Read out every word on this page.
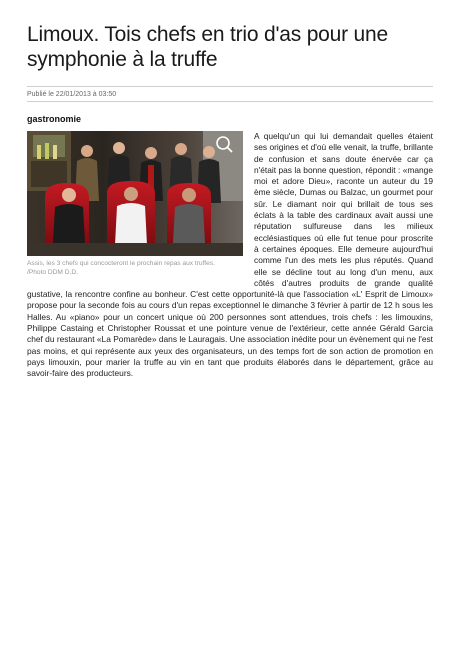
Limoux. Tois chefs en trio d'as pour une symphonie à la truffe
Publié le 22/01/2013 à 03:50
gastronomie
Assis, les 3 chefs qui concocteront le prochain repas aux truffes.
/Photo DDM D.D.
A quelqu'un qui lui demandait quelles étaient ses origines et d'où elle venait, la truffe, brillante de confusion et sans doute énervée car ça n'était pas la bonne question, répondit : «mange moi et adore Dieu», raconte un auteur du 19 ème siècle, Dumas ou Balzac, un gourmet pour sûr. Le diamant noir qui brillait de tous ses éclats à la table des cardinaux avait aussi une réputation sulfureuse dans les milieux ecclésiastiques où elle fut tenue pour proscrite à certaines époques. Elle demeure aujourd'hui comme l'un des mets les plus réputés. Quand elle se décline tout au long d'un menu, aux côtés d'autres produits de grande qualité gustative, la rencontre confine au bonheur. C'est cette opportunité-là que l'association «L' Esprit de Limoux» propose pour la seconde fois au cours d'un repas exceptionnel le dimanche 3 février à partir de 12 h sous les Halles. Au «piano» pour un concert unique où 200 personnes sont attendues, trois chefs : les limouxins, Philippe Castaing et Christopher Roussat et une pointure venue de l'extérieur, cette année Gérald Garcia chef du restaurant «La Pomarède» dans le Lauragais. Une association inédite pour un évènement qui ne l'est pas moins, et qui représente aux yeux des organisateurs, un des temps fort de son action de promotion en pays limouxin, pour marier la truffe au vin en tant que produits élaborés dans le département, grâce au savoir-faire des producteurs.
